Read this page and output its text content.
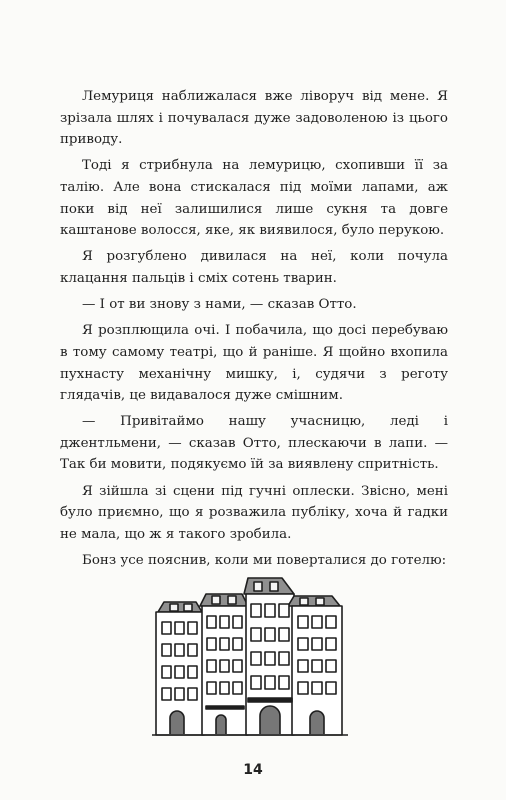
Лемуриця наближалася вже ліворуч від мене. Я зрізала шлях і почувалася дуже задоволеною із цього приводу.

Тоді я стрибнула на лемурицю, схопивши її за талію. Але вона стискалася під моїми лапами, аж поки від неї залишилися лише сукня та довге каштанове волосся, яке, як виявилося, було перукою.

Я розгублено дивилася на неї, коли почула клацання пальців і сміх сотень тварин.

— І от ви знову з нами, — сказав Отто.

Я розплющила очі. І побачила, що досі перебуваю в тому самому театрі, що й раніше. Я щойно вхопила пухнасту механічну мишку, і, судячи з реготу глядачів, це видавалося дуже смішним.

— Привітаймо нашу учасницю, леді і джентльмени, — сказав Отто, плескаючи в лапи. — Так би мовити, подякуємо їй за виявлену спритність.

Я зійшла зі сцени під гучні оплески. Звісно, мені було приємно, що я розважила публіку, хоча й гадки не мала, що ж я такого зробила.

Бонз усе пояснив, коли ми поверталися до готелю:

14
